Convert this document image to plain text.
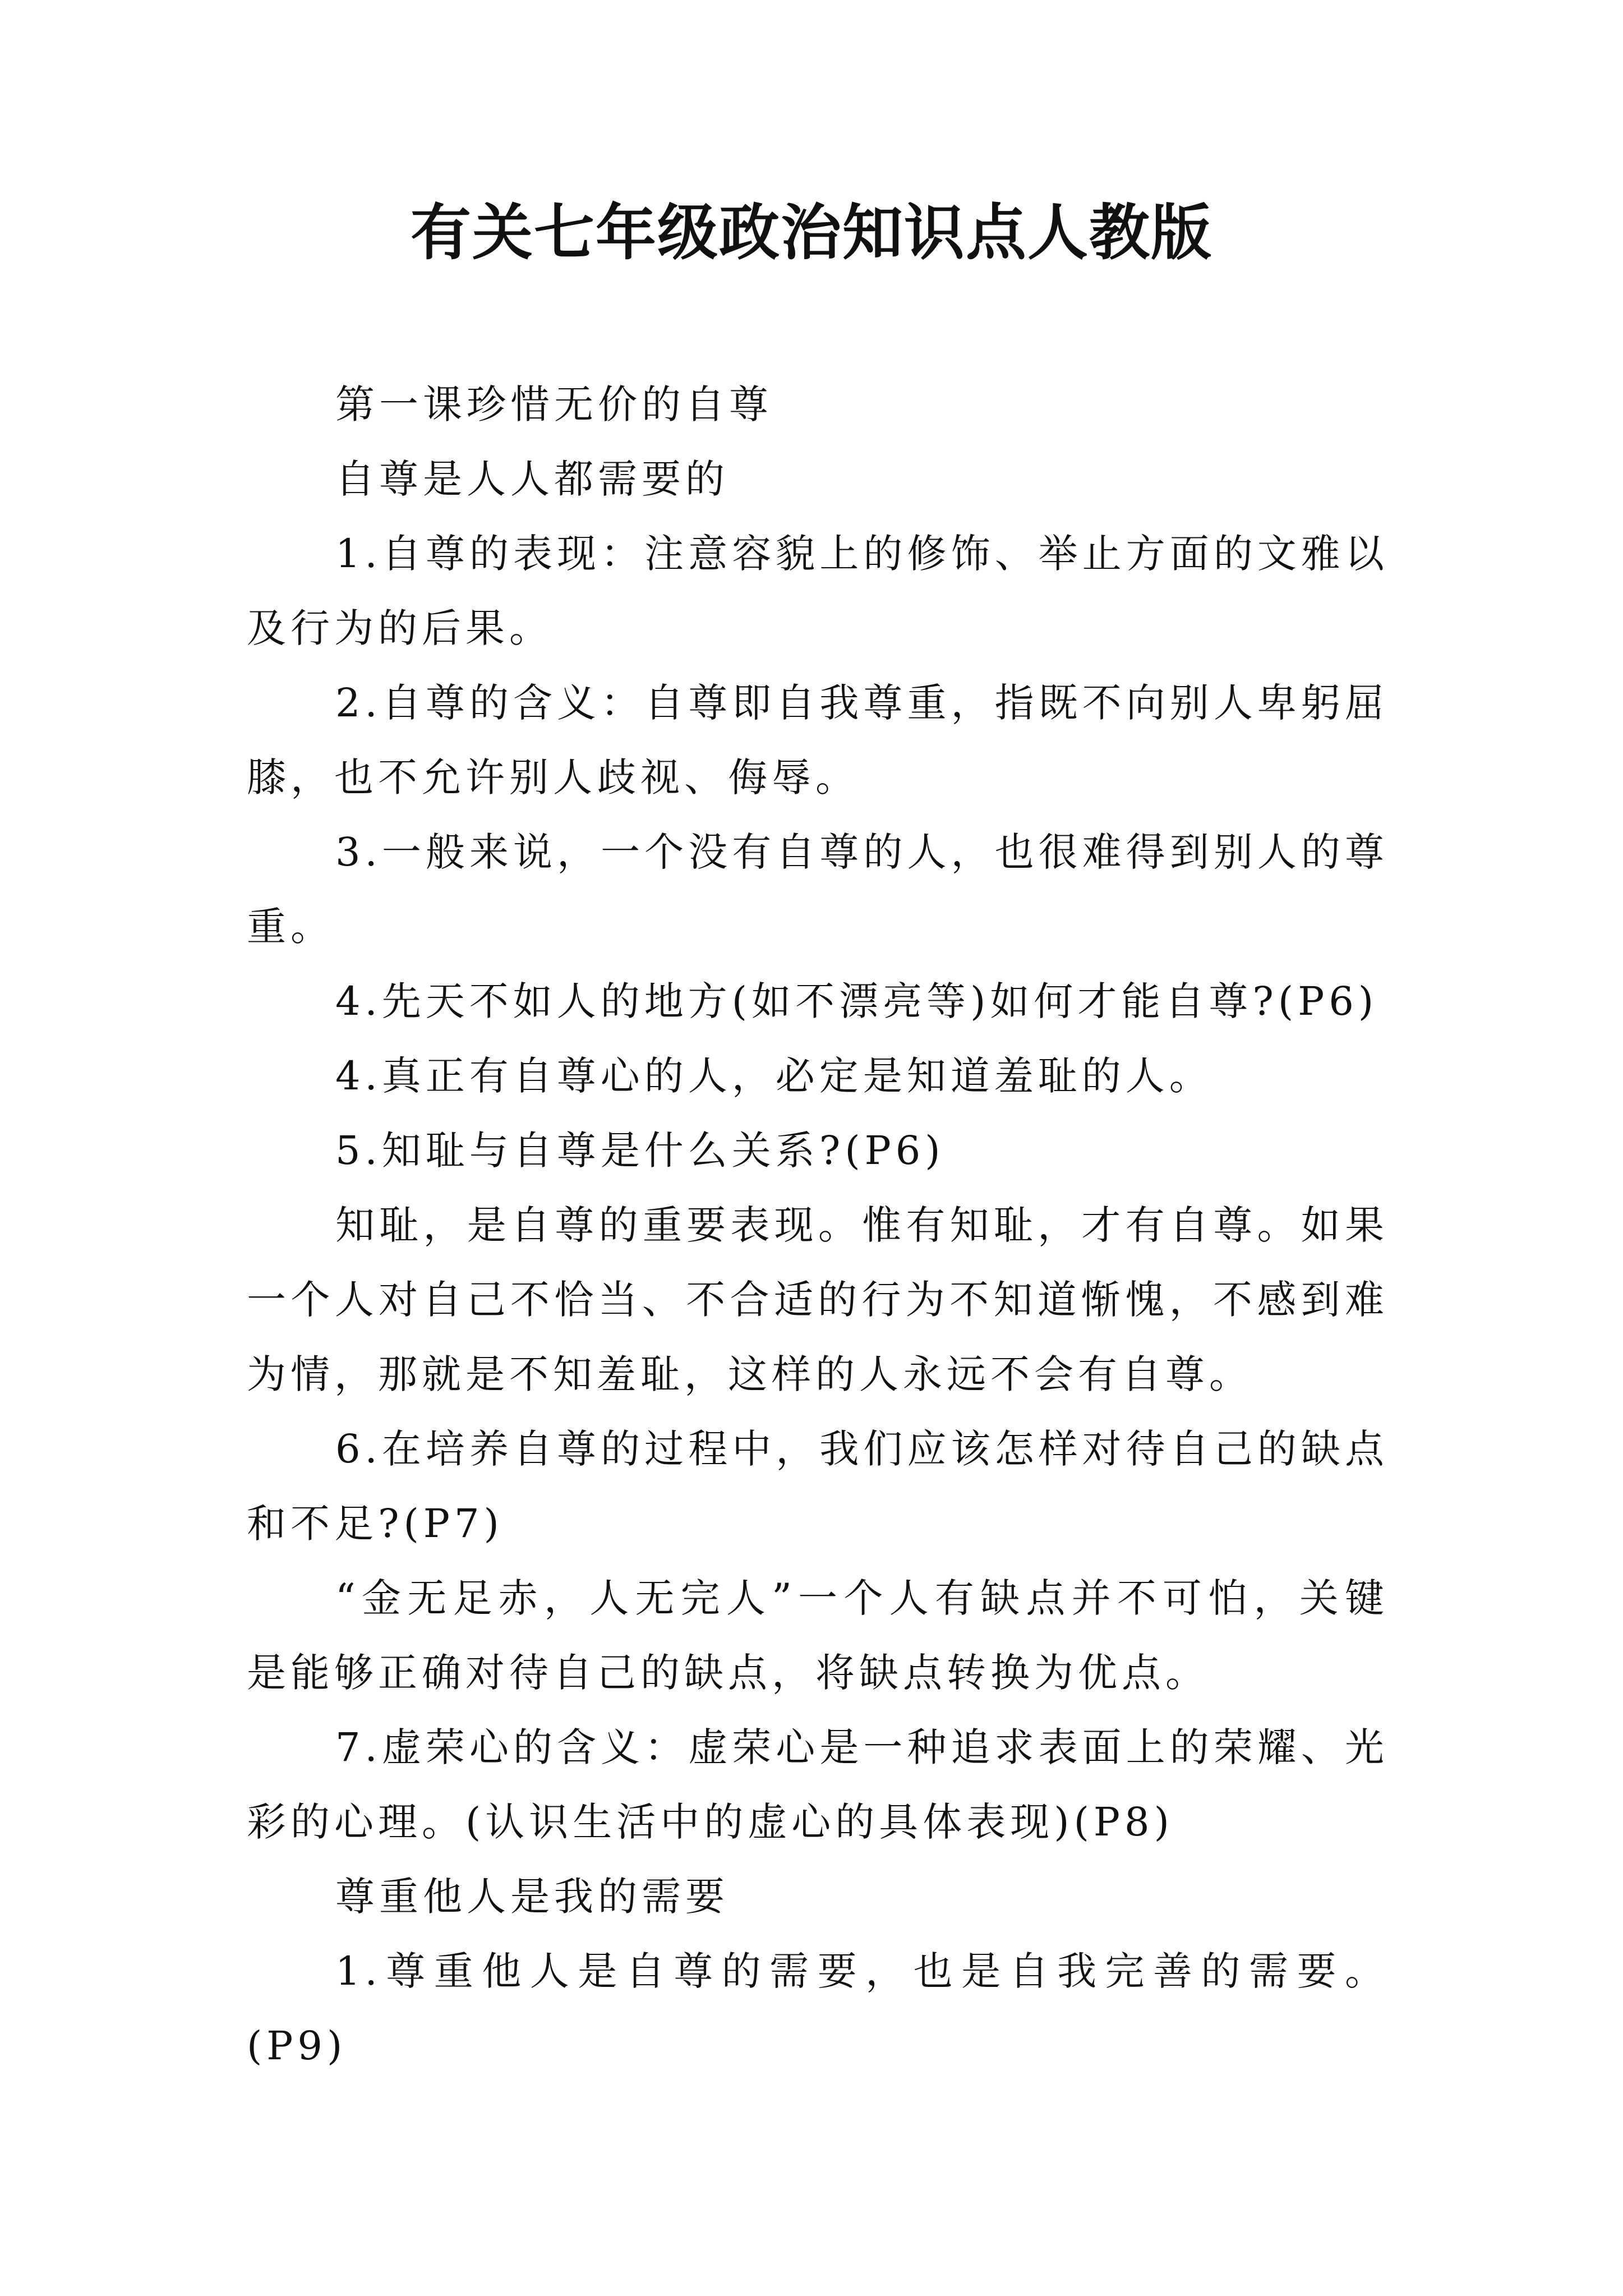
有关七年级政治知识点人教版

第一课珍惜无价的自尊

自尊是人人都需要的

1.自尊的表现：注意容貌上的修饰、举止方面的文雅以及行为的后果。

2.自尊的含义：自尊即自我尊重，指既不向别人卑躬屈膝，也不允许别人歧视、侮辱。

3.一般来说，一个没有自尊的人，也很难得到别人的尊重。

4.先天不如人的地方(如不漂亮等)如何才能自尊?(P6)

4.真正有自尊心的人，必定是知道羞耻的人。

5.知耻与自尊是什么关系?(P6)

知耻，是自尊的重要表现。惟有知耻，才有自尊。如果一个人对自己不恰当、不合适的行为不知道惭愧，不感到难为情，那就是不知羞耻，这样的人永远不会有自尊。

6.在培养自尊的过程中，我们应该怎样对待自己的缺点和不足?(P7)

“金无足赤，人无完人”一个人有缺点并不可怕，关键是能够正确对待自己的缺点，将缺点转换为优点。

7.虚荣心的含义：虚荣心是一种追求表面上的荣耀、光彩的心理。(认识生活中的虚心的具体表现)(P8)

尊重他人是我的需要

1.尊重他人是自尊的需要，也是自我完善的需要。(P9)
